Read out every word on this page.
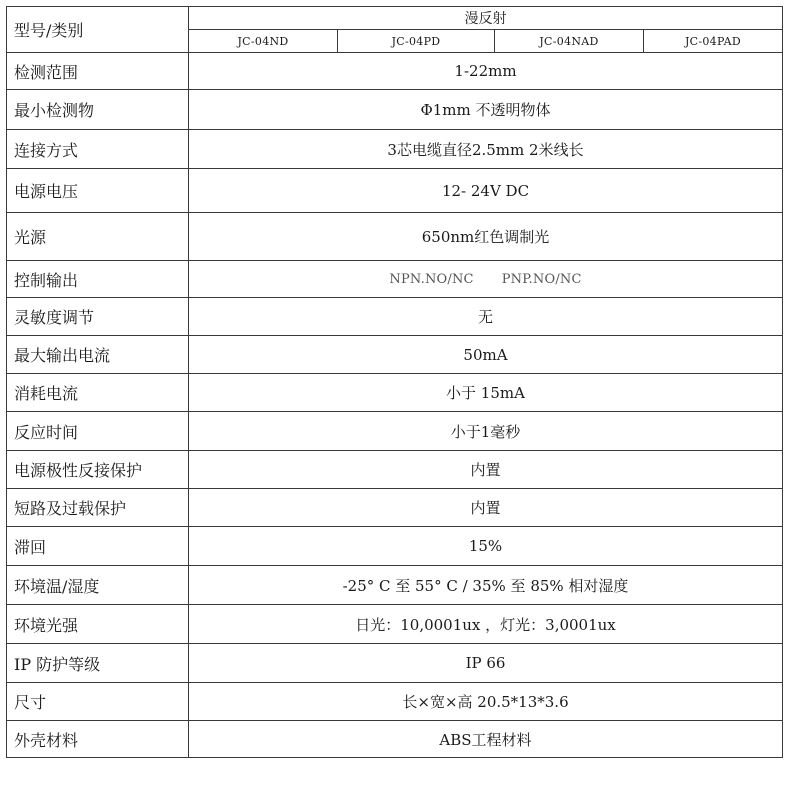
型号/类别	漫反射			
	JC-04ND	JC-04PD	JC-04NAD	JC-04PAD
检测范围	1-22mm			
最小检测物	Φ1mm 不透明物体			
连接方式	3芯电缆直径2.5mm 2米线长			
电源电压	12- 24V DC			
光源	650nm红色调制光			
控制输出	NPN.NO/NC PNP.NO/NC			
灵敏度调节	无			
最大输出电流	50mA			
消耗电流	小于 15mA			
反应时间	小于1毫秒			
电源极性反接保护	内置			
短路及过载保护	内置			
滞回	15%			
环境温/湿度	-25° C 至 55° C / 35% 至 85% 相对湿度			
环境光强	日光：10,0001ux ，灯光：3,0001ux			
IP 防护等级	IP 66			
尺寸	长×宽×高 20.5*13*3.6			
外壳材料	ABS工程材料			
